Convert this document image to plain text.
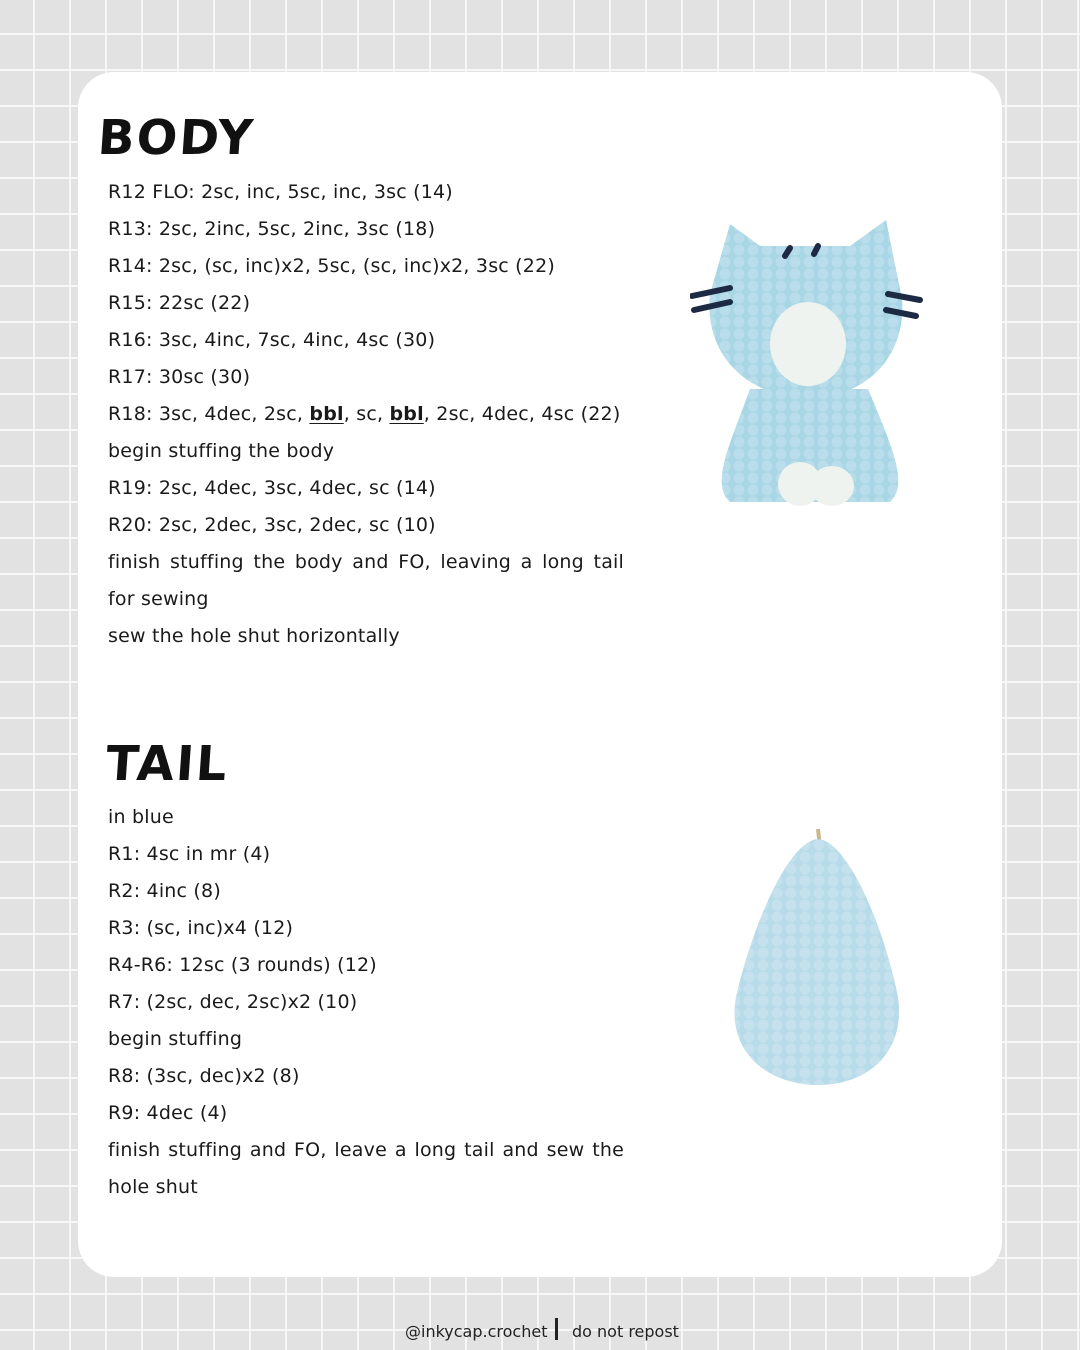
BODY
R12 FLO: 2sc, inc, 5sc, inc, 3sc (14)
R13: 2sc, 2inc, 5sc, 2inc, 3sc (18)
R14: 2sc, (sc, inc)x2, 5sc, (sc, inc)x2, 3sc (22)
R15: 22sc (22)
R16: 3sc, 4inc, 7sc, 4inc, 4sc (30)
R17: 30sc (30)
R18: 3sc, 4dec, 2sc, bbl, sc, bbl, 2sc, 4dec, 4sc (22)
begin stuffing the body
R19: 2sc, 4dec, 3sc, 4dec, sc (14)
R20: 2sc, 2dec, 3sc, 2dec, sc (10)
finish stuffing the body and FO, leaving a long tail
for sewing
sew the hole shut horizontally
TAIL
in blue
R1: 4sc in mr (4)
R2: 4inc (8)
R3: (sc, inc)x4 (12)
R4-R6: 12sc (3 rounds) (12)
R7: (2sc, dec, 2sc)x2 (10)
begin stuffing
R8: (3sc, dec)x2 (8)
R9: 4dec (4)
finish stuffing and FO, leave a long tail and sew the
hole shut
@inkycap.crochet do not repost
